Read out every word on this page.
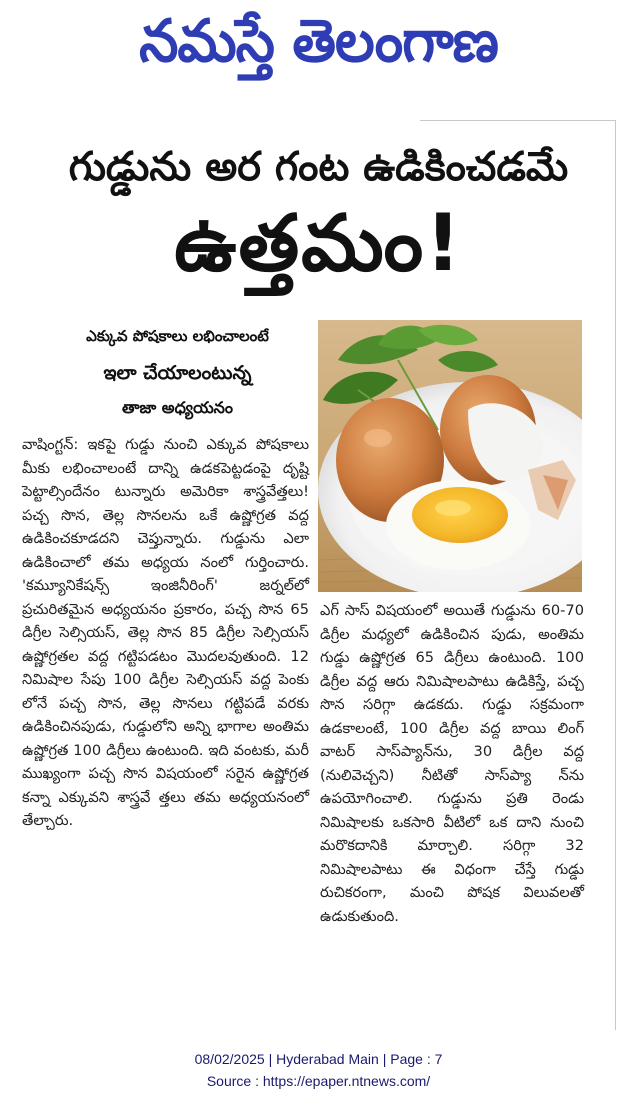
నమస్తే తెలంగాణ
గుడ్డును అర గంట ఉడికించడమే
ఉత్తమం!
ఎక్కువ పోషకాలు లభించాలంటే
ఇలా చేయాలంటున్న
తాజా అధ్యయనం

వాషింగ్టన్: ఇకపై గుడ్డు నుంచి ఎక్కువ పోషకాలు మీకు లభించాలంటే దాన్ని ఉడకపెట్టడంపై దృష్టి పెట్టాల్సిందేనం టున్నారు అమెరికా శాస్త్రవేత్తలు! పచ్చ సొన, తెల్ల సొనలను ఒకే ఉష్ణోగ్రత వద్ద ఉడికించకూడదని చెప్తున్నారు. గుడ్డును ఎలా ఉడికించాలో తమ అధ్యయ నంలో గుర్తించారు. 'కమ్యూనికేషన్స్ ఇంజినీరింగ్' జర్నల్‌లో ప్రచురితమైన అధ్యయనం ప్రకారం, పచ్చ సొన 65 డిగ్రీల సెల్సియస్, తెల్ల సొన 85 డిగ్రీల సెల్సియస్ ఉష్ణోగ్రతల వద్ద గట్టిపడటం మొదలవుతుంది. 12 నిమిషాల సేపు 100 డిగ్రీల సెల్సియస్ వద్ద పెంకు లోనే పచ్చ సొన, తెల్ల సొనలు గట్టిపడే వరకు ఉడికించినపుడు, గుడ్డులోని అన్ని భాగాల అంతిమ ఉష్ణోగ్రత 100 డిగ్రీలు ఉంటుంది. ఇది వంటకు, మరీ ముఖ్యంగా పచ్చ సొన విషయంలో సరైన ఉష్ణోగ్రత కన్నా ఎక్కువని శాస్త్రవే త్తలు తమ అధ్యయనంలో తేల్చారు.

ఎగ్ సాస్ విషయంలో అయితే గుడ్డును 60-70 డిగ్రీల మధ్యలో ఉడికించిన పుడు, అంతిమ గుడ్డు ఉష్ణోగ్రత 65 డిగ్రీలు ఉంటుంది. 100 డిగ్రీల వద్ద ఆరు నిమిషాలపాటు ఉడికిస్తే, పచ్చ సొన సరిగ్గా ఉడకదు. గుడ్డు సక్రమంగా ఉడకాలంటే, 100 డిగ్రీల వద్ద బాయి లింగ్ వాటర్ సాస్‌ప్యాన్‌ను, 30 డిగ్రీల వద్ద (నులివెచ్చని) నీటితో సాస్‌ప్యా న్‌ను ఉపయోగించాలి. గుడ్డును ప్రతి రెండు నిమిషాలకు ఒకసారి వీటిలో ఒక దాని నుంచి మరొకదానికి మార్చాలి. సరిగ్గా 32 నిమిషాలపాటు ఈ విధంగా చేస్తే గుడ్డు రుచికరంగా, మంచి పోషక విలువలతో ఉడుకుతుంది.

08/02/2025 | Hyderabad Main | Page : 7
Source : https://epaper.ntnews.com/
